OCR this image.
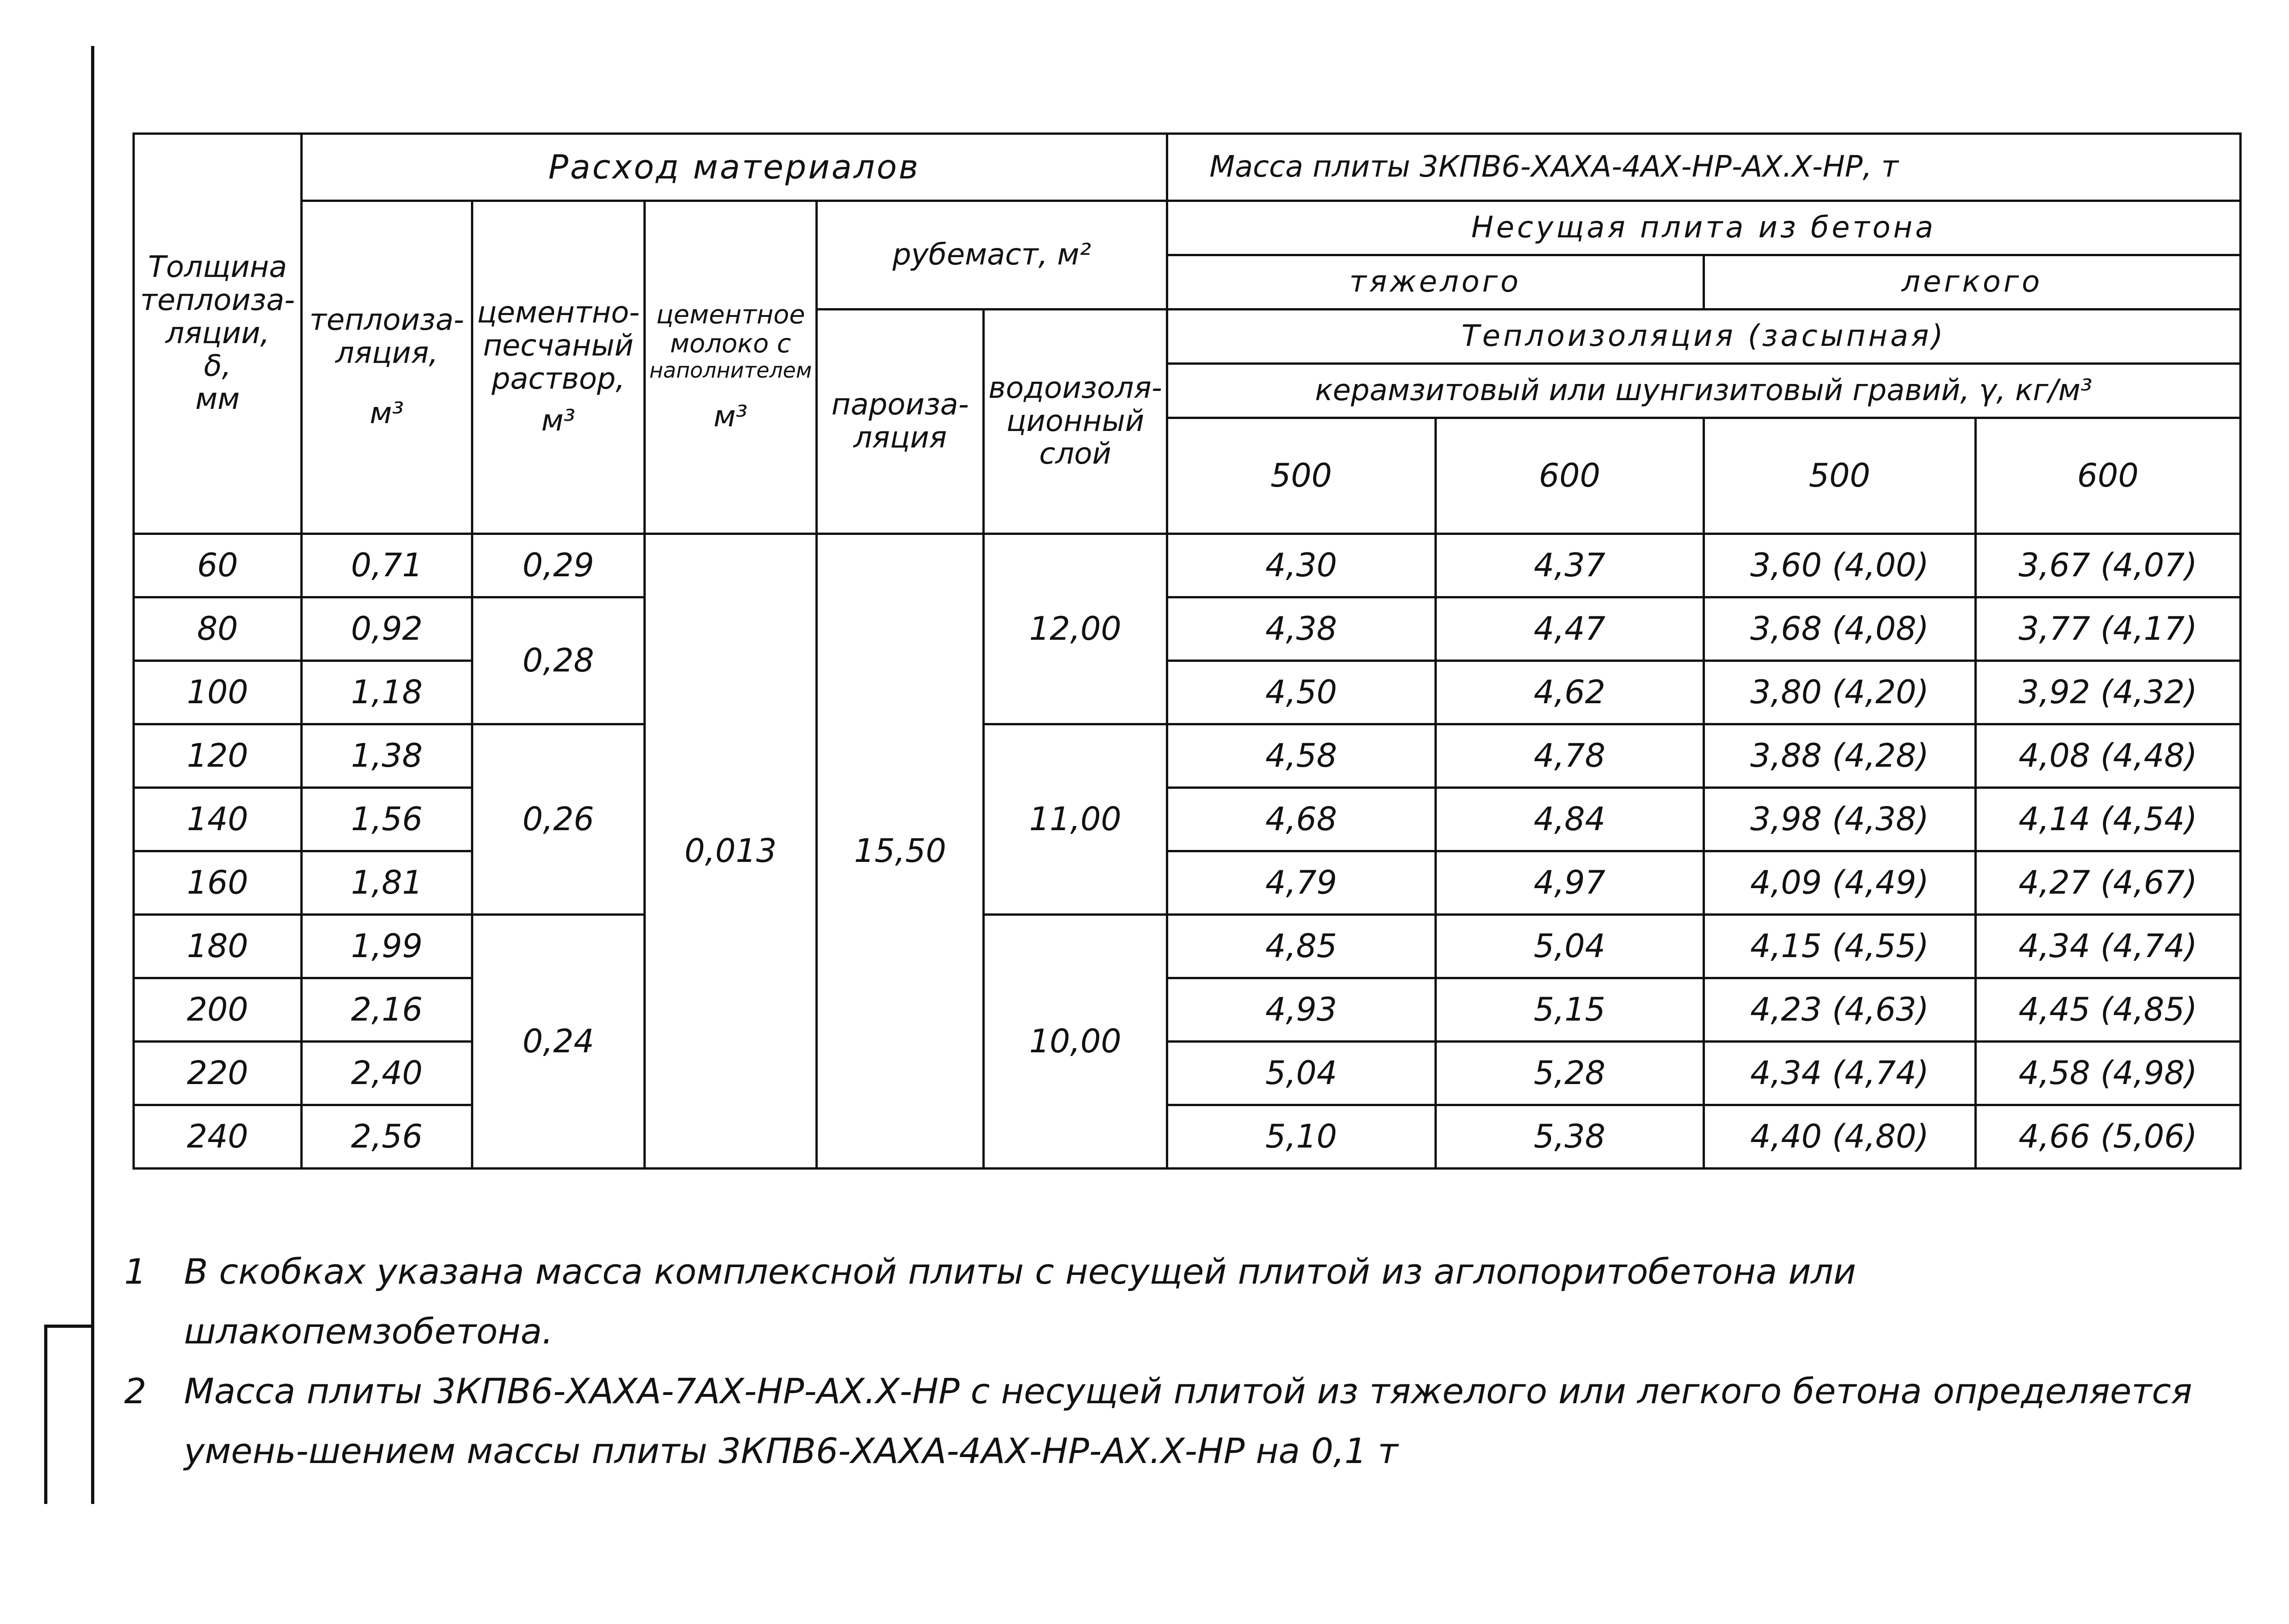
Толщина
теплоиза-
ляции,
δ,
мм	Расход материалов					Масса плиты 3КПВ6-ХАХА-4АХ-НР-АХ.Х-НР, т			

	теплоиза-
ляция,
м³	цементно-
песчаный
раствор,
м³	цементное
молоко с
наполнителем
м³	рубемаст, м²		Несущая плита из бетона			
						тяжелого		легкого	

				пароиза-
ляция	водоизоля-
ционный
слой	Теплоизоляция (засыпная)			
						керамзитовый или шунгизитовый гравий, γ, кг/м³			
						500	600	500	600
60	0,71	0,29	0,013	15,50	12,00	4,30	4,37	3,60 (4,00)	3,67 (4,07)
80	0,92	0,28				4,38	4,47	3,68 (4,08)	3,77 (4,17)
100	1,18					4,50	4,62	3,80 (4,20)	3,92 (4,32)
120	1,38	0,26			11,00	4,58	4,78	3,88 (4,28)	4,08 (4,48)
140	1,56					4,68	4,84	3,98 (4,38)	4,14 (4,54)
160	1,81					4,79	4,97	4,09 (4,49)	4,27 (4,67)
180	1,99	0,24			10,00	4,85	5,04	4,15 (4,55)	4,34 (4,74)
200	2,16					4,93	5,15	4,23 (4,63)	4,45 (4,85)
220	2,40					5,04	5,28	4,34 (4,74)	4,58 (4,98)
240	2,56					5,10	5,38	4,40 (4,80)	4,66 (5,06)
1	В скобках указана масса комплексной плиты с несущей плитой из аглопоритобетона или шлакопемзобетона.
2	Масса плиты 3КПВ6-ХАХА-7АХ-НР-АХ.Х-НР с несущей плитой из тяжелого или легкого бетона определяется умень-шением массы плиты 3КПВ6-ХАХА-4АХ-НР-АХ.Х-НР на 0,1 т
